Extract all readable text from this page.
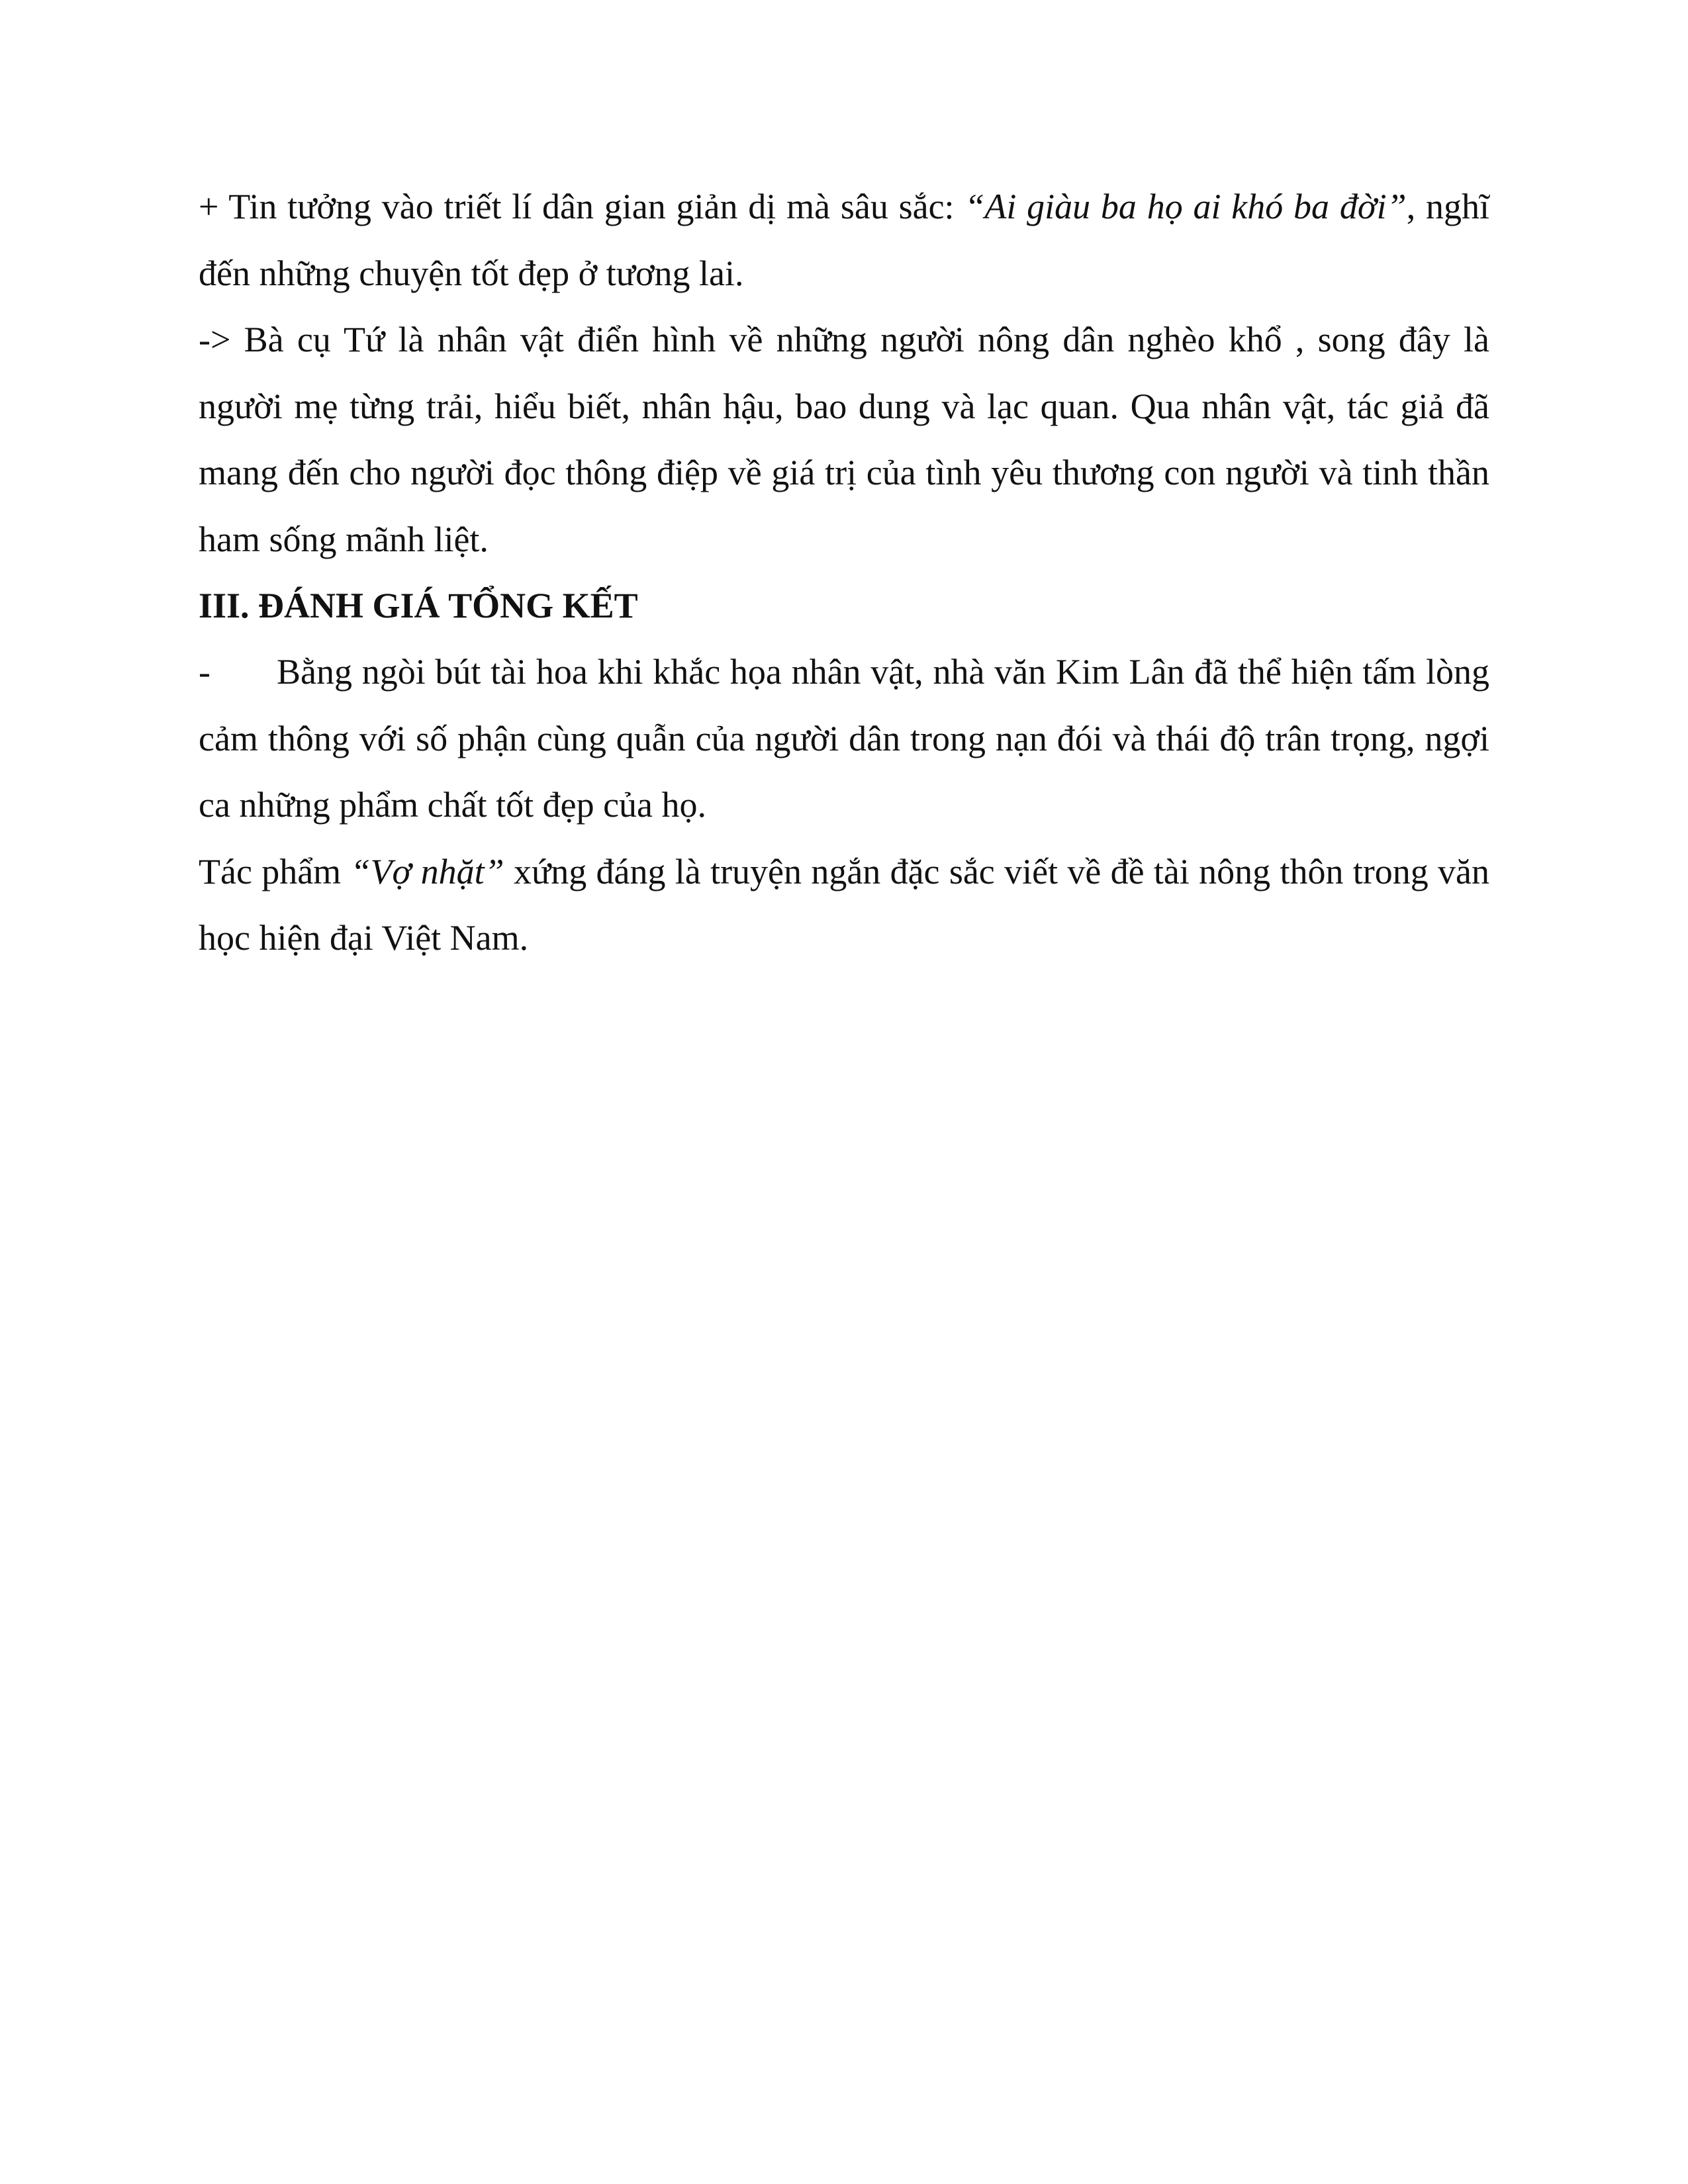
+ Tin tưởng vào triết lí dân gian giản dị mà sâu sắc: “Ai giàu ba họ ai khó ba đời”, nghĩ đến những chuyện tốt đẹp ở tương lai.

-> Bà cụ Tứ là nhân vật điển hình về những người nông dân nghèo khổ , song đây là người mẹ từng trải, hiểu biết, nhân hậu, bao dung và lạc quan. Qua nhân vật, tác giả đã mang đến cho người đọc thông điệp về giá trị của tình yêu thương con người và tinh thần ham sống mãnh liệt.

III. ĐÁNH GIÁ TỔNG KẾT

- Bằng ngòi bút tài hoa khi khắc họa nhân vật, nhà văn Kim Lân đã thể hiện tấm lòng cảm thông với số phận cùng quẫn của người dân trong nạn đói và thái độ trân trọng, ngợi ca những phẩm chất tốt đẹp của họ.

Tác phẩm “Vợ nhặt” xứng đáng là truyện ngắn đặc sắc viết về đề tài nông thôn trong văn học hiện đại Việt Nam.
